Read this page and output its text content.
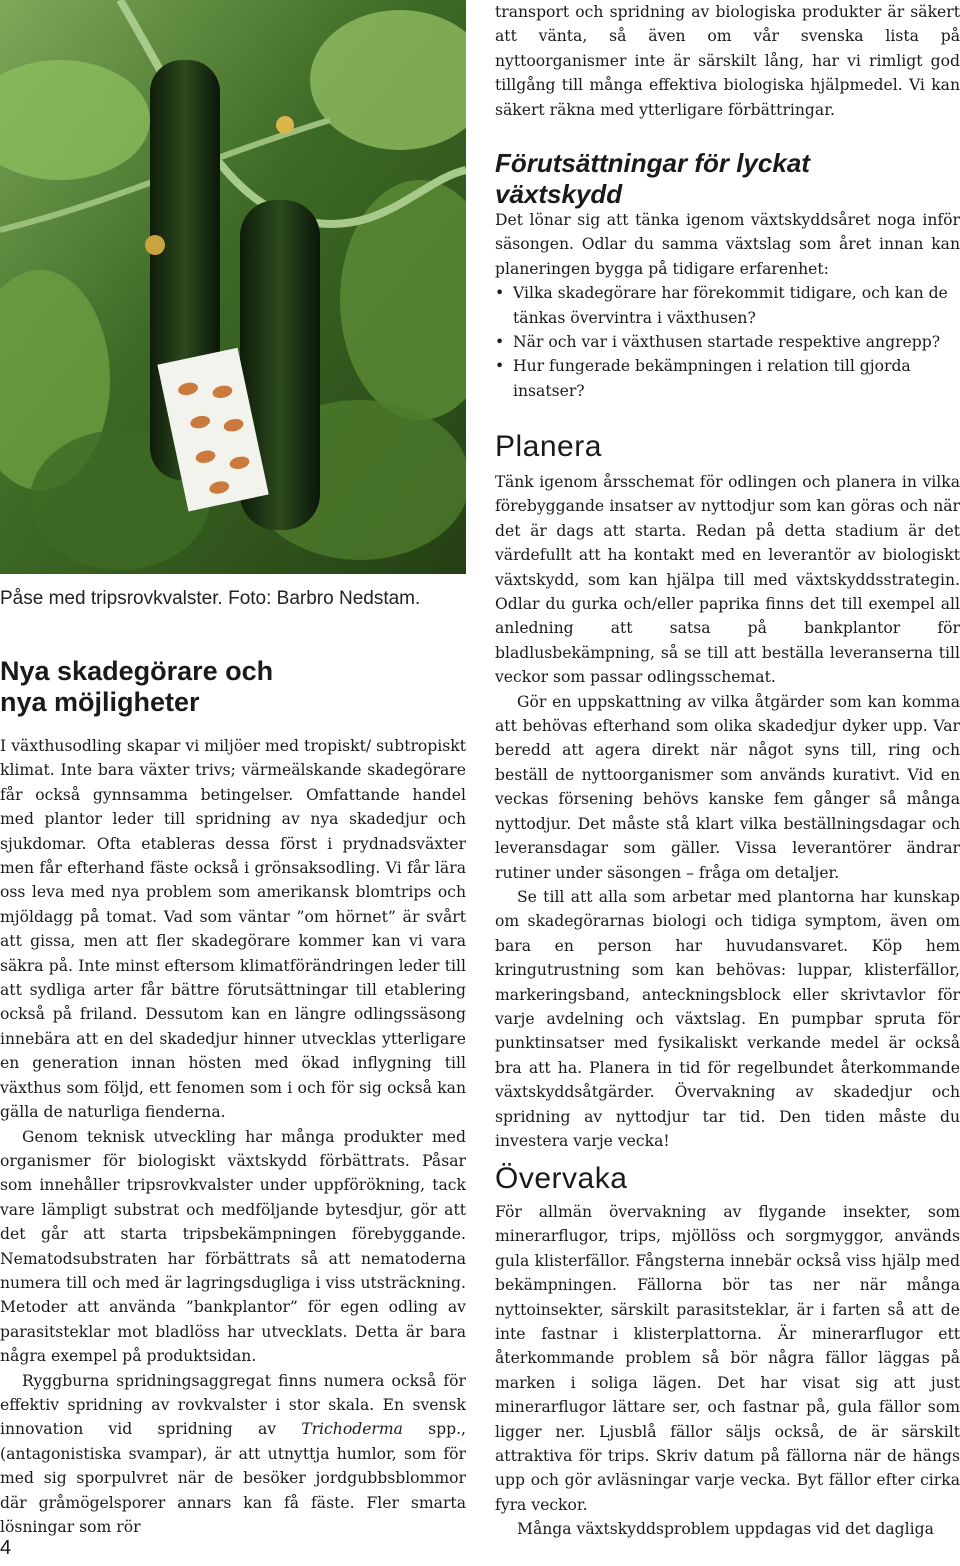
Påse med tripsrovkvalster. Foto: Barbro Nedstam.
Nya skadegörare och
nya möjligheter

I växthusodling skapar vi miljöer med tropiskt/ subtropiskt klimat. Inte bara växter trivs; värmeälskande skadegörare får också gynnsamma betingelser. Omfattande handel med plantor leder till spridning av nya skadedjur och sjukdomar. Ofta etableras dessa först i prydnadsväxter men får efterhand fäste också i grönsaksodling. Vi får lära oss leva med nya problem som amerikansk blomtrips och mjöldagg på tomat. Vad som väntar ”om hörnet” är svårt att gissa, men att fler skadegörare kommer kan vi vara säkra på. Inte minst eftersom klimatförändringen leder till att sydliga arter får bättre förutsättningar till etablering också på friland. Dessutom kan en längre odlingssäsong innebära att en del skadedjur hinner utvecklas ytterligare en generation innan hösten med ökad inflygning till växthus som följd, ett fenomen som i och för sig också kan gälla de naturliga fienderna.

Genom teknisk utveckling har många produkter med organismer för biologiskt växtskydd förbättrats. Påsar som innehåller tripsrovkvalster under uppförökning, tack vare lämpligt substrat och medföljande bytesdjur, gör att det går att starta tripsbekämpningen förebyggande. Nematodsubstraten har förbättrats så att nematoderna numera till och med är lagringsdugliga i viss utsträckning. Metoder att använda ”bankplantor” för egen odling av parasitsteklar mot bladlöss har utvecklats. Detta är bara några exempel på produktsidan.

Ryggburna spridningsaggregat finns numera också för effektiv spridning av rovkvalster i stor skala. En svensk innovation vid spridning av Trichoderma spp., (antagonistiska svampar), är att utnyttja humlor, som för med sig sporpulvret när de besöker jordgubbsblommor där gråmögelsporer annars kan få fäste. Fler smarta lösningar som rör

transport och spridning av biologiska produkter är säkert att vänta, så även om vår svenska lista på nyttoorganismer inte är särskilt lång, har vi rimligt god tillgång till många effektiva biologiska hjälpmedel. Vi kan säkert räkna med ytterligare förbättringar.

Förutsättningar för lyckat
växtskydd

Det lönar sig att tänka igenom växtskyddsåret noga inför säsongen. Odlar du samma växtslag som året innan kan planeringen bygga på tidigare erfarenhet:

• Vilka skadegörare har förekommit tidigare, och kan de tänkas övervintra i växthusen?
• När och var i växthusen startade respektive angrepp?
• Hur fungerade bekämpningen i relation till gjorda insatser?
Planera

Tänk igenom årsschemat för odlingen och planera in vilka förebyggande insatser av nyttodjur som kan göras och när det är dags att starta. Redan på detta stadium är det värdefullt att ha kontakt med en leverantör av biologiskt växtskydd, som kan hjälpa till med växtskyddsstrategin. Odlar du gurka och/eller paprika finns det till exempel all anledning att satsa på bankplantor för bladlusbekämpning, så se till att beställa leveranserna till veckor som passar odlingsschemat.

Gör en uppskattning av vilka åtgärder som kan komma att behövas efterhand som olika skadedjur dyker upp. Var beredd att agera direkt när något syns till, ring och beställ de nyttoorganismer som används kurativt. Vid en veckas försening behövs kanske fem gånger så många nyttodjur. Det måste stå klart vilka beställningsdagar och leveransdagar som gäller. Vissa leverantörer ändrar rutiner under säsongen – fråga om detaljer.

Se till att alla som arbetar med plantorna har kunskap om skadegörarnas biologi och tidiga symptom, även om bara en person har huvudansvaret. Köp hem kringutrustning som kan behövas: luppar, klisterfällor, markeringsband, anteckningsblock eller skrivtavlor för varje avdelning och växtslag. En pumpbar spruta för punktinsatser med fysikaliskt verkande medel är också bra att ha. Planera in tid för regelbundet återkommande växtskyddsåtgärder. Övervakning av skadedjur och spridning av nyttodjur tar tid. Den tiden måste du investera varje vecka!

Övervaka

För allmän övervakning av flygande insekter, som minerarflugor, trips, mjöllöss och sorgmyggor, används gula klisterfällor. Fångsterna innebär också viss hjälp med bekämpningen. Fällorna bör tas ner när många nyttoinsekter, särskilt parasitsteklar, är i farten så att de inte fastnar i klisterplattorna. Är minerarflugor ett återkommande problem så bör några fällor läggas på marken i soliga lägen. Det har visat sig att just minerarflugor lättare ser, och fastnar på, gula fällor som ligger ner. Ljusblå fällor säljs också, de är särskilt attraktiva för trips. Skriv datum på fällorna när de hängs upp och gör avläsningar varje vecka. Byt fällor efter cirka fyra veckor.

Många växtskyddsproblem uppdagas vid det dagliga

4
